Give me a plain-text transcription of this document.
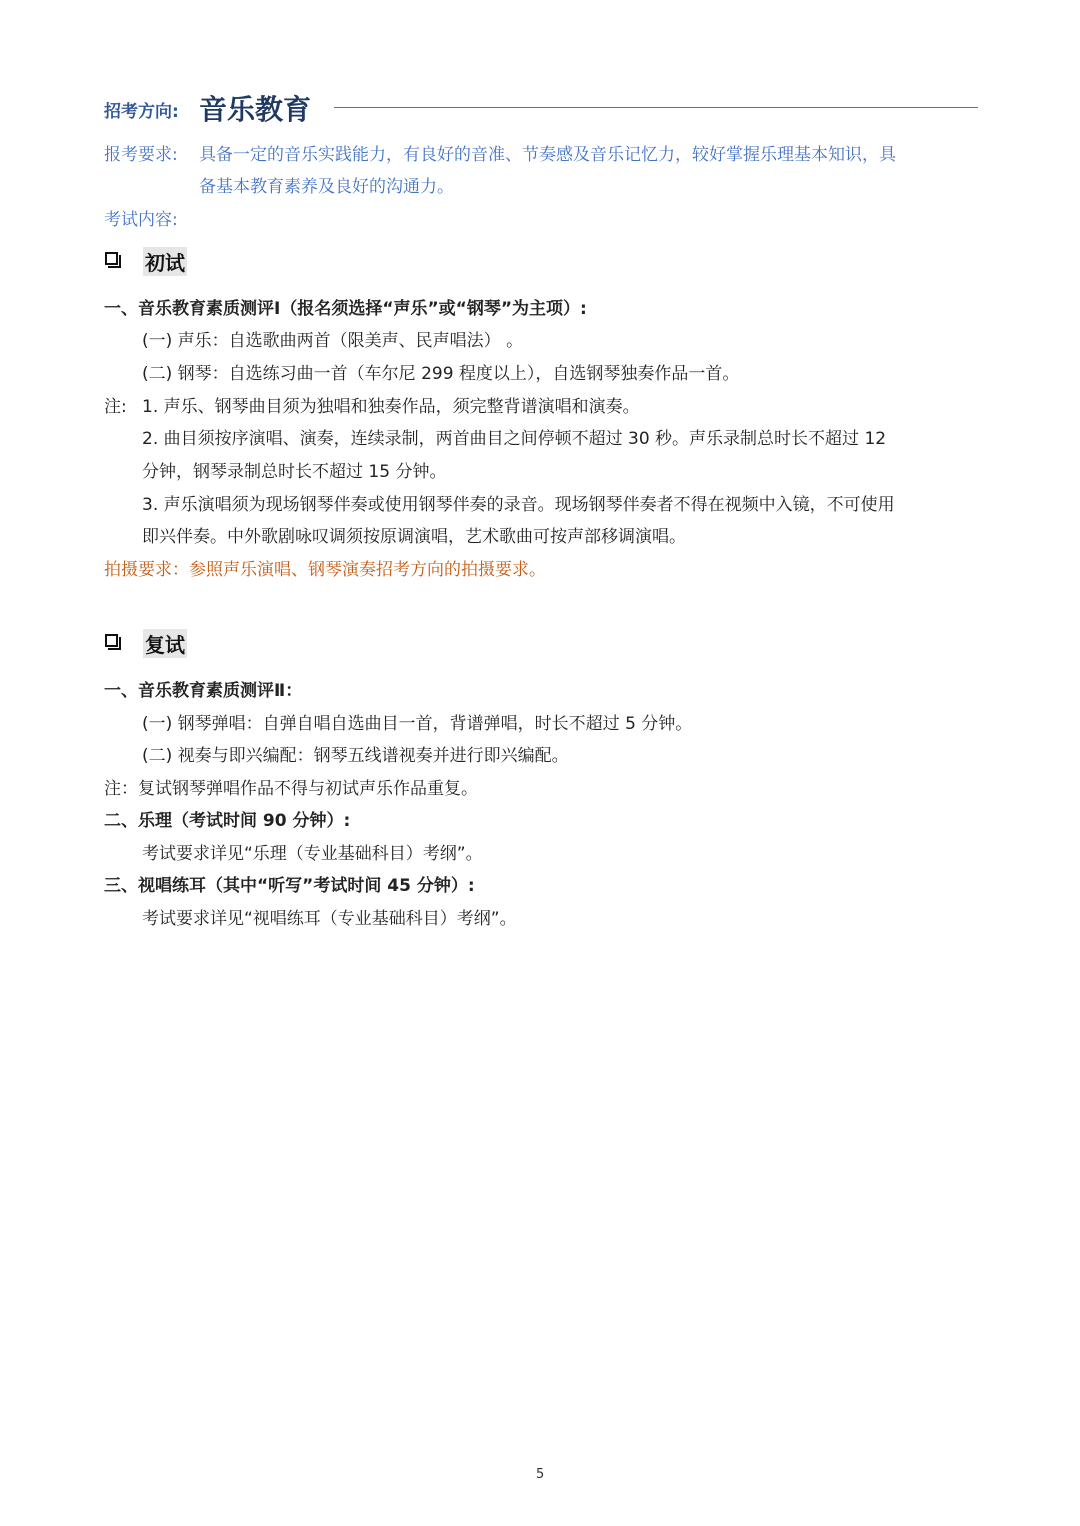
招考方向: 音乐教育
报考要求: 具备一定的音乐实践能力，有良好的音准、节奏感及音乐记忆力，较好掌握乐理基本知识，具
备基本教育素养及良好的沟通力。
考试内容:
初试
一、音乐教育素质测评Ⅰ（报名须选择“声乐”或“钢琴”为主项）:
(一) 声乐：自选歌曲两首（限美声、民声唱法） 。
(二) 钢琴：自选练习曲一首（车尔尼 299 程度以上），自选钢琴独奏作品一首。
注: 1. 声乐、钢琴曲目须为独唱和独奏作品，须完整背谱演唱和演奏。
2. 曲目须按序演唱、演奏，连续录制，两首曲目之间停顿不超过 30 秒。声乐录制总时长不超过 12
分钟，钢琴录制总时长不超过 15 分钟。
3. 声乐演唱须为现场钢琴伴奏或使用钢琴伴奏的录音。现场钢琴伴奏者不得在视频中入镜，不可使用
即兴伴奏。中外歌剧咏叹调须按原调演唱，艺术歌曲可按声部移调演唱。
拍摄要求：参照声乐演唱、钢琴演奏招考方向的拍摄要求。
复试
一、音乐教育素质测评Ⅱ：
(一) 钢琴弹唱：自弹自唱自选曲目一首，背谱弹唱，时长不超过 5 分钟。
(二) 视奏与即兴编配：钢琴五线谱视奏并进行即兴编配。
注：复试钢琴弹唱作品不得与初试声乐作品重复。
二、乐理（考试时间 90 分钟）:
考试要求详见“乐理（专业基础科目）考纲”。
三、视唱练耳（其中“听写”考试时间 45 分钟）:
考试要求详见“视唱练耳（专业基础科目）考纲”。
5
